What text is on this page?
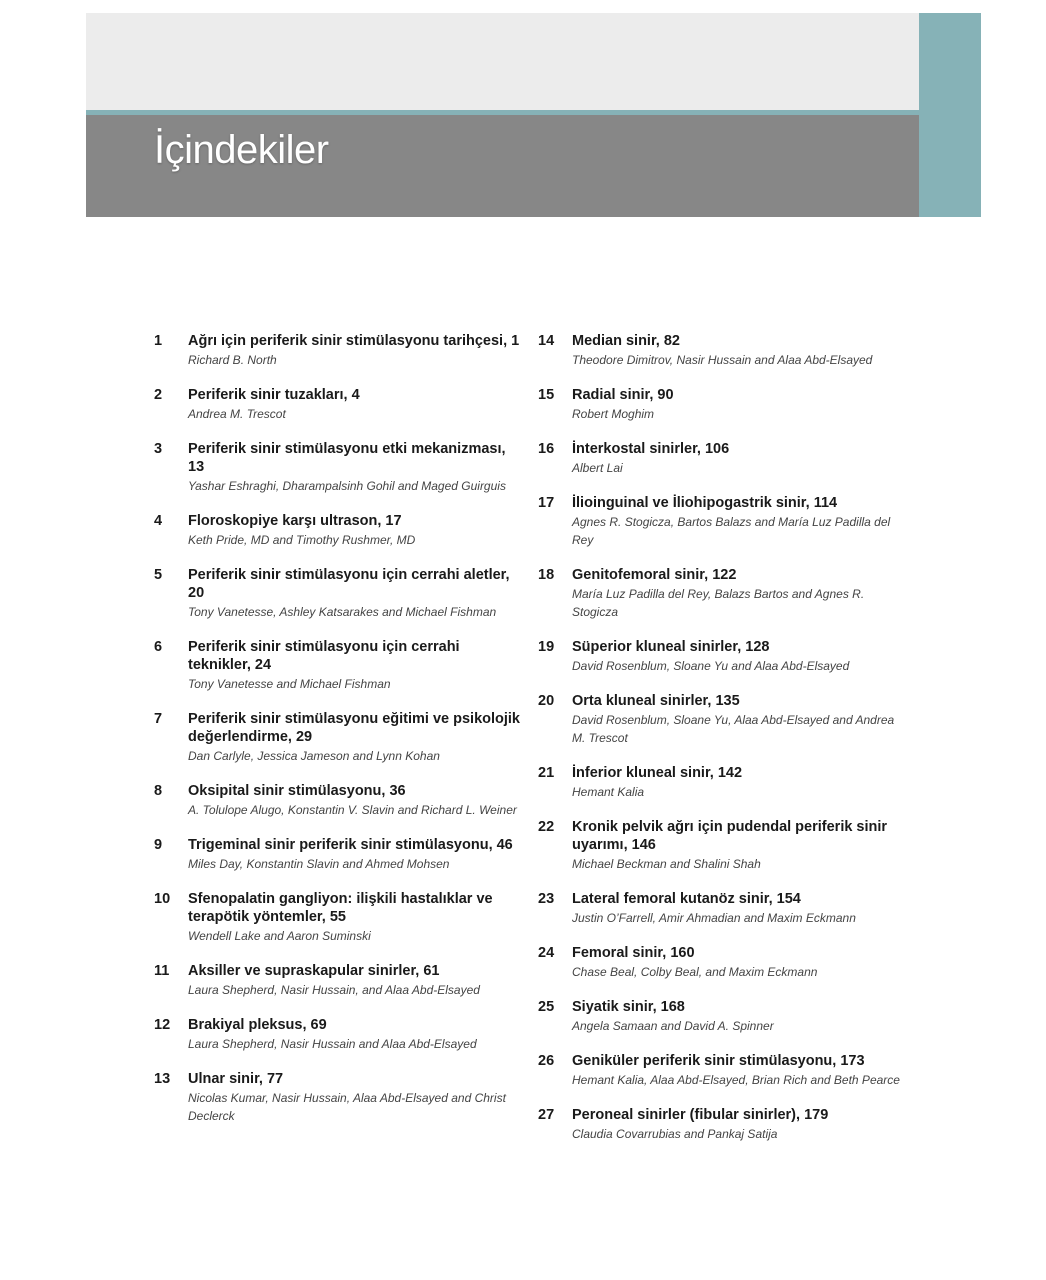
İçindekiler
1 Ağrı için periferik sinir stimülasyonu tarihçesi, 1
Richard B. North
2 Periferik sinir tuzakları, 4
Andrea M. Trescot
3 Periferik sinir stimülasyonu etki mekanizması, 13
Yashar Eshraghi, Dharampalsinh Gohil and Maged Guirguis
4 Floroskopiye karşı ultrason, 17
Keth Pride, MD and Timothy Rushmer, MD
5 Periferik sinir stimülasyonu için cerrahi aletler, 20
Tony Vanetesse, Ashley Katsarakes and Michael Fishman
6 Periferik sinir stimülasyonu için cerrahi teknikler, 24
Tony Vanetesse and Michael Fishman
7 Periferik sinir stimülasyonu eğitimi ve psikolojik değerlendirme, 29
Dan Carlyle, Jessica Jameson and Lynn Kohan
8 Oksipital sinir stimülasyonu, 36
A. Tolulope Alugo, Konstantin V. Slavin and Richard L. Weiner
9 Trigeminal sinir periferik sinir stimülasyonu, 46
Miles Day, Konstantin Slavin and Ahmed Mohsen
10 Sfenopalatin gangliyon: ilişkili hastalıklar ve terapötik yöntemler, 55
Wendell Lake and Aaron Suminski
11 Aksiller ve supraskapular sinirler, 61
Laura Shepherd, Nasir Hussain, and Alaa Abd-Elsayed
12 Brakiyal pleksus, 69
Laura Shepherd, Nasir Hussain and Alaa Abd-Elsayed
13 Ulnar sinir, 77
Nicolas Kumar, Nasir Hussain, Alaa Abd-Elsayed and Christ Declerck
14 Median sinir, 82
Theodore Dimitrov, Nasir Hussain and Alaa Abd-Elsayed
15 Radial sinir, 90
Robert Moghim
16 İnterkostal sinirler, 106
Albert Lai
17 İlioinguinal ve İliohipogastrik sinir, 114
Agnes R. Stogicza, Bartos Balazs and María Luz Padilla del Rey
18 Genitofemoral sinir, 122
María Luz Padilla del Rey, Balazs Bartos and Agnes R. Stogicza
19 Süperior kluneal sinirler, 128
David Rosenblum, Sloane Yu and Alaa Abd-Elsayed
20 Orta kluneal sinirler, 135
David Rosenblum, Sloane Yu, Alaa Abd-Elsayed and Andrea M. Trescot
21 İnferior kluneal sinir, 142
Hemant Kalia
22 Kronik pelvik ağrı için pudendal periferik sinir uyarımı, 146
Michael Beckman and Shalini Shah
23 Lateral femoral kutanöz sinir, 154
Justin O’Farrell, Amir Ahmadian and Maxim Eckmann
24 Femoral sinir, 160
Chase Beal, Colby Beal, and Maxim Eckmann
25 Siyatik sinir, 168
Angela Samaan and David A. Spinner
26 Geniküler periferik sinir stimülasyonu, 173
Hemant Kalia, Alaa Abd-Elsayed, Brian Rich and Beth Pearce
27 Peroneal sinirler (fibular sinirler), 179
Claudia Covarrubias and Pankaj Satija
